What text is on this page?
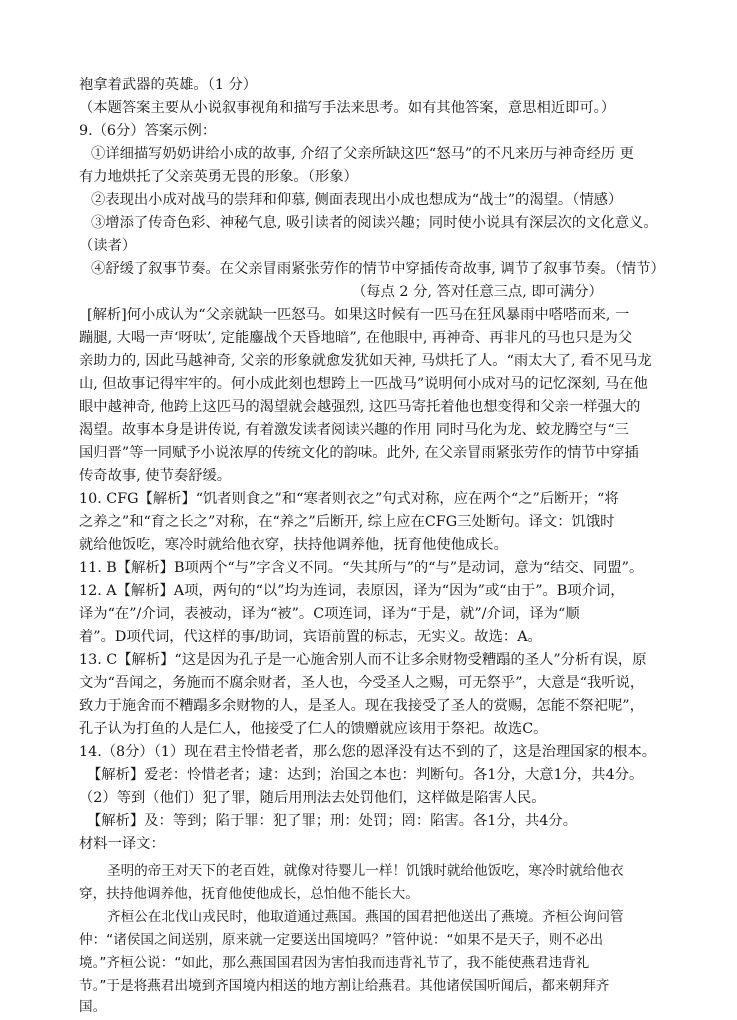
袍拿着武器的英雄。（1 分）
（本题答案主要从小说叙事视角和描写手法来思考。如有其他答案，意思相近即可。）
9.（6分）答案示例：
①详细描写奶奶讲给小成的故事, 介绍了父亲所缺这匹“怒马”的不凡来历与神奇经历 更
有力地烘托了父亲英勇无畏的形象。（形象）
②表现出小成对战马的崇拜和仰慕, 侧面表现出小成也想成为“战士”的渴望。（情感）
③增添了传奇色彩、神秘气息, 吸引读者的阅读兴趣；同时使小说具有深层次的文化意义。
（读者）
④舒缓了叙事节奏。在父亲冒雨紧张劳作的情节中穿插传奇故事, 调节了叙事节奏。（情节）
（每点 2 分, 答对任意三点, 即可满分）
[解析]何小成认为“父亲就缺一匹怒马。如果这时候有一匹马在狂风暴雨中嗒嗒而来, 一
蹦腿, 大喝一声‘呀呔’, 定能鏖战个天昏地暗”, 在他眼中, 再神奇、再非凡的马也只是为父
亲助力的, 因此马越神奇, 父亲的形象就愈发犹如天神, 马烘托了人。“雨太大了, 看不见马龙
山, 但故事记得牢牢的。何小成此刻也想跨上一匹战马”说明何小成对马的记忆深刻, 马在他
眼中越神奇, 他跨上这匹马的渴望就会越强烈, 这匹马寄托着他也想变得和父亲一样强大的
渴望。故事本身是讲传说, 有着激发读者阅读兴趣的作用 同时马化为龙、蛟龙腾空与“三
国归晋”等一同赋予小说浓厚的传统文化的韵味。此外, 在父亲冒雨紧张劳作的情节中穿插
传奇故事, 使节奏舒缓。
10. CFG【解析】“饥者则食之”和“寒者则衣之”句式对称，应在两个“之”后断开；“将
之养之”和“育之长之”对称，在“养之”后断开, 综上应在CFG三处断句。译文：饥饿时
就给他饭吃，寒冷时就给他衣穿，扶持他调养他，抚育他使他成长。
11. B【解析】B项两个“与”字含义不同。“失其所与”的“与”是动词，意为“结交、同盟”。
12. A【解析】A项，两句的“以”均为连词，表原因，译为“因为”或“由于”。B项介词，
译为“在”/介词，表被动，译为“被”。C项连词，译为“于是，就”/介词，译为“顺
着”。D项代词，代这样的事/助词，宾语前置的标志，无实义。故选：A。
13. C【解析】“这是因为孔子是一心施舍别人而不让多余财物受糟蹋的圣人”分析有误，原
文为“吾闻之，务施而不腐余财者，圣人也，今受圣人之赐，可无祭乎”，大意是“我听说，
致力于施舍而不糟蹋多余财物的人，是圣人。现在我接受了圣人的赏赐，怎能不祭祀呢”，
孔子认为打鱼的人是仁人，他接受了仁人的馈赠就应该用于祭祀。故选C。
14.（8分）（1）现在君主怜惜老者，那么您的恩泽没有达不到的了，这是治理国家的根本。
【解析】爱老：怜惜老者；逮：达到；治国之本也：判断句。各1分，大意1分，共4分。
（2）等到（他们）犯了罪，随后用刑法去处罚他们，这样做是陷害人民。
【解析】及：等到；陷于罪：犯了罪；刑：处罚；罔：陷害。各1分，共4分。
材料一译文：
圣明的帝王对天下的老百姓，就像对待婴儿一样！饥饿时就给他饭吃，寒冷时就给他衣
穿，扶持他调养他，抚育他使他成长，总怕他不能长大。
齐桓公在北伐山戎民时，他取道通过燕国。燕国的国君把他送出了燕境。齐桓公询问管
仲：“诸侯国之间送别，原来就一定要送出国境吗？”管仲说：“如果不是天子，则不必出
境。”齐桓公说：“如此，那么燕国国君因为害怕我而违背礼节了，我不能使燕君违背礼
节。”于是将燕君出境到齐国境内相送的地方割让给燕君。其他诸侯国听闻后，都来朝拜齐
国。
